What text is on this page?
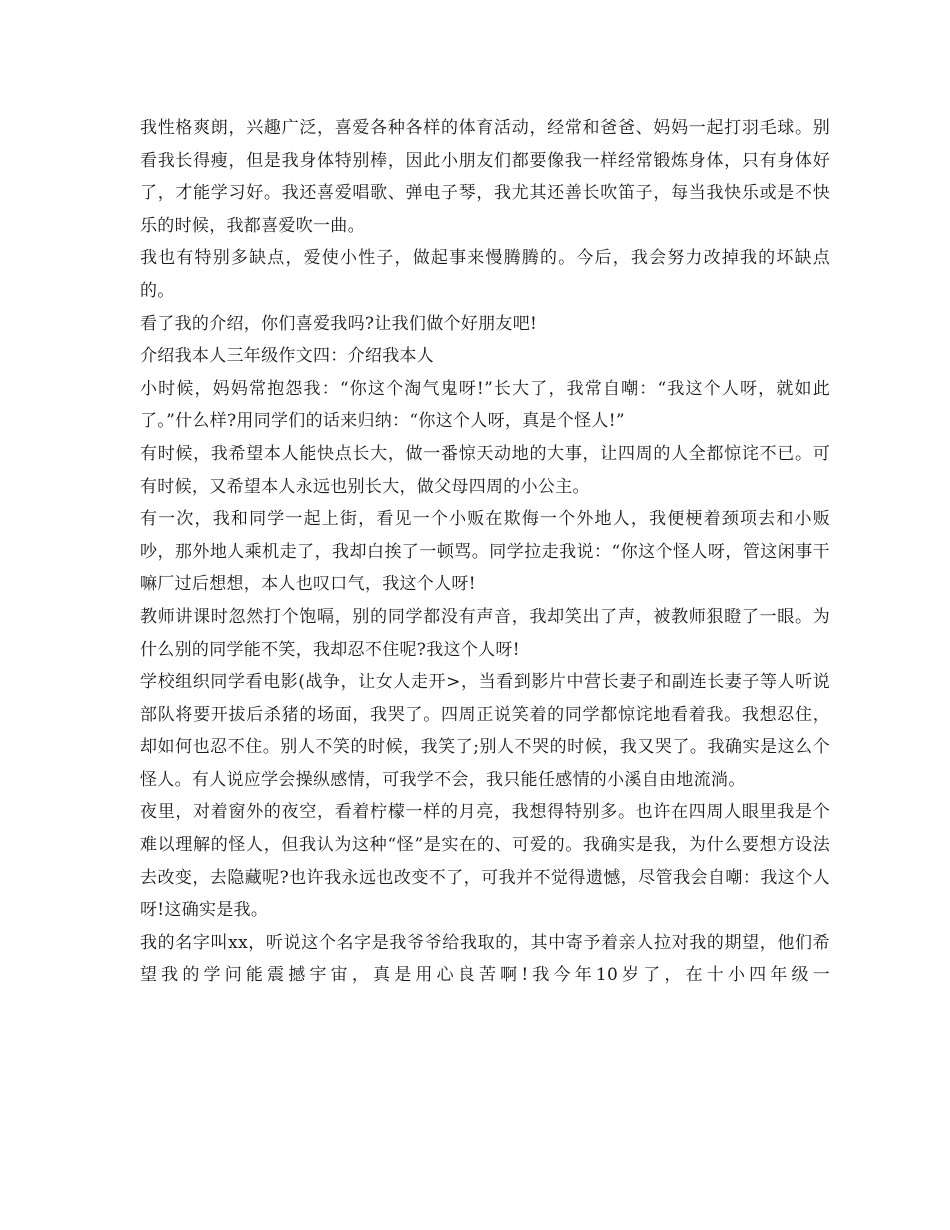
我性格爽朗，兴趣广泛，喜爱各种各样的体育活动，经常和爸爸、妈妈一起打羽毛球。别看我长得瘦，但是我身体特别棒，因此小朋友们都要像我一样经常锻炼身体，只有身体好了，才能学习好。我还喜爱唱歌、弹电子琴，我尤其还善长吹笛子，每当我快乐或是不快乐的时候，我都喜爱吹一曲。

我也有特别多缺点，爱使小性子，做起事来慢腾腾的。今后，我会努力改掉我的坏缺点的。

看了我的介绍，你们喜爱我吗?让我们做个好朋友吧!

介绍我本人三年级作文四：介绍我本人

小时候，妈妈常抱怨我：“你这个淘气鬼呀!”长大了，我常自嘲：“我这个人呀，就如此了。”什么样?用同学们的话来归纳：“你这个人呀，真是个怪人!”

有时候，我希望本人能快点长大，做一番惊天动地的大事，让四周的人全都惊诧不已。可有时候，又希望本人永远也别长大，做父母四周的小公主。

有一次，我和同学一起上街，看见一个小贩在欺侮一个外地人，我便梗着颈项去和小贩吵，那外地人乘机走了，我却白挨了一顿骂。同学拉走我说：“你这个怪人呀，管这闲事干嘛厂过后想想，本人也叹口气，我这个人呀!

教师讲课时忽然打个饱嗝，别的同学都没有声音，我却笑出了声，被教师狠瞪了一眼。为什么别的同学能不笑，我却忍不住呢?我这个人呀!

学校组织同学看电影(战争，让女人走开>，当看到影片中营长妻子和副连长妻子等人听说部队将要开拔后杀猪的场面，我哭了。四周正说笑着的同学都惊诧地看着我。我想忍住，却如何也忍不住。别人不笑的时候，我笑了;别人不哭的时候，我又哭了。我确实是这么个怪人。有人说应学会操纵感情，可我学不会，我只能任感情的小溪自由地流淌。

夜里，对着窗外的夜空，看着柠檬一样的月亮，我想得特别多。也许在四周人眼里我是个难以理解的怪人，但我认为这种“怪”是实在的、可爱的。我确实是我，为什么要想方设法去改变，去隐藏呢?也许我永远也改变不了，可我并不觉得遗憾，尽管我会自嘲：我这个人呀!这确实是我。

我的名字叫xx，听说这个名字是我爷爷给我取的，其中寄予着亲人拉对我的期望，他们希望我的学问能震撼宇宙，真是用心良苦啊!我今年10岁了，在十小四年级一
